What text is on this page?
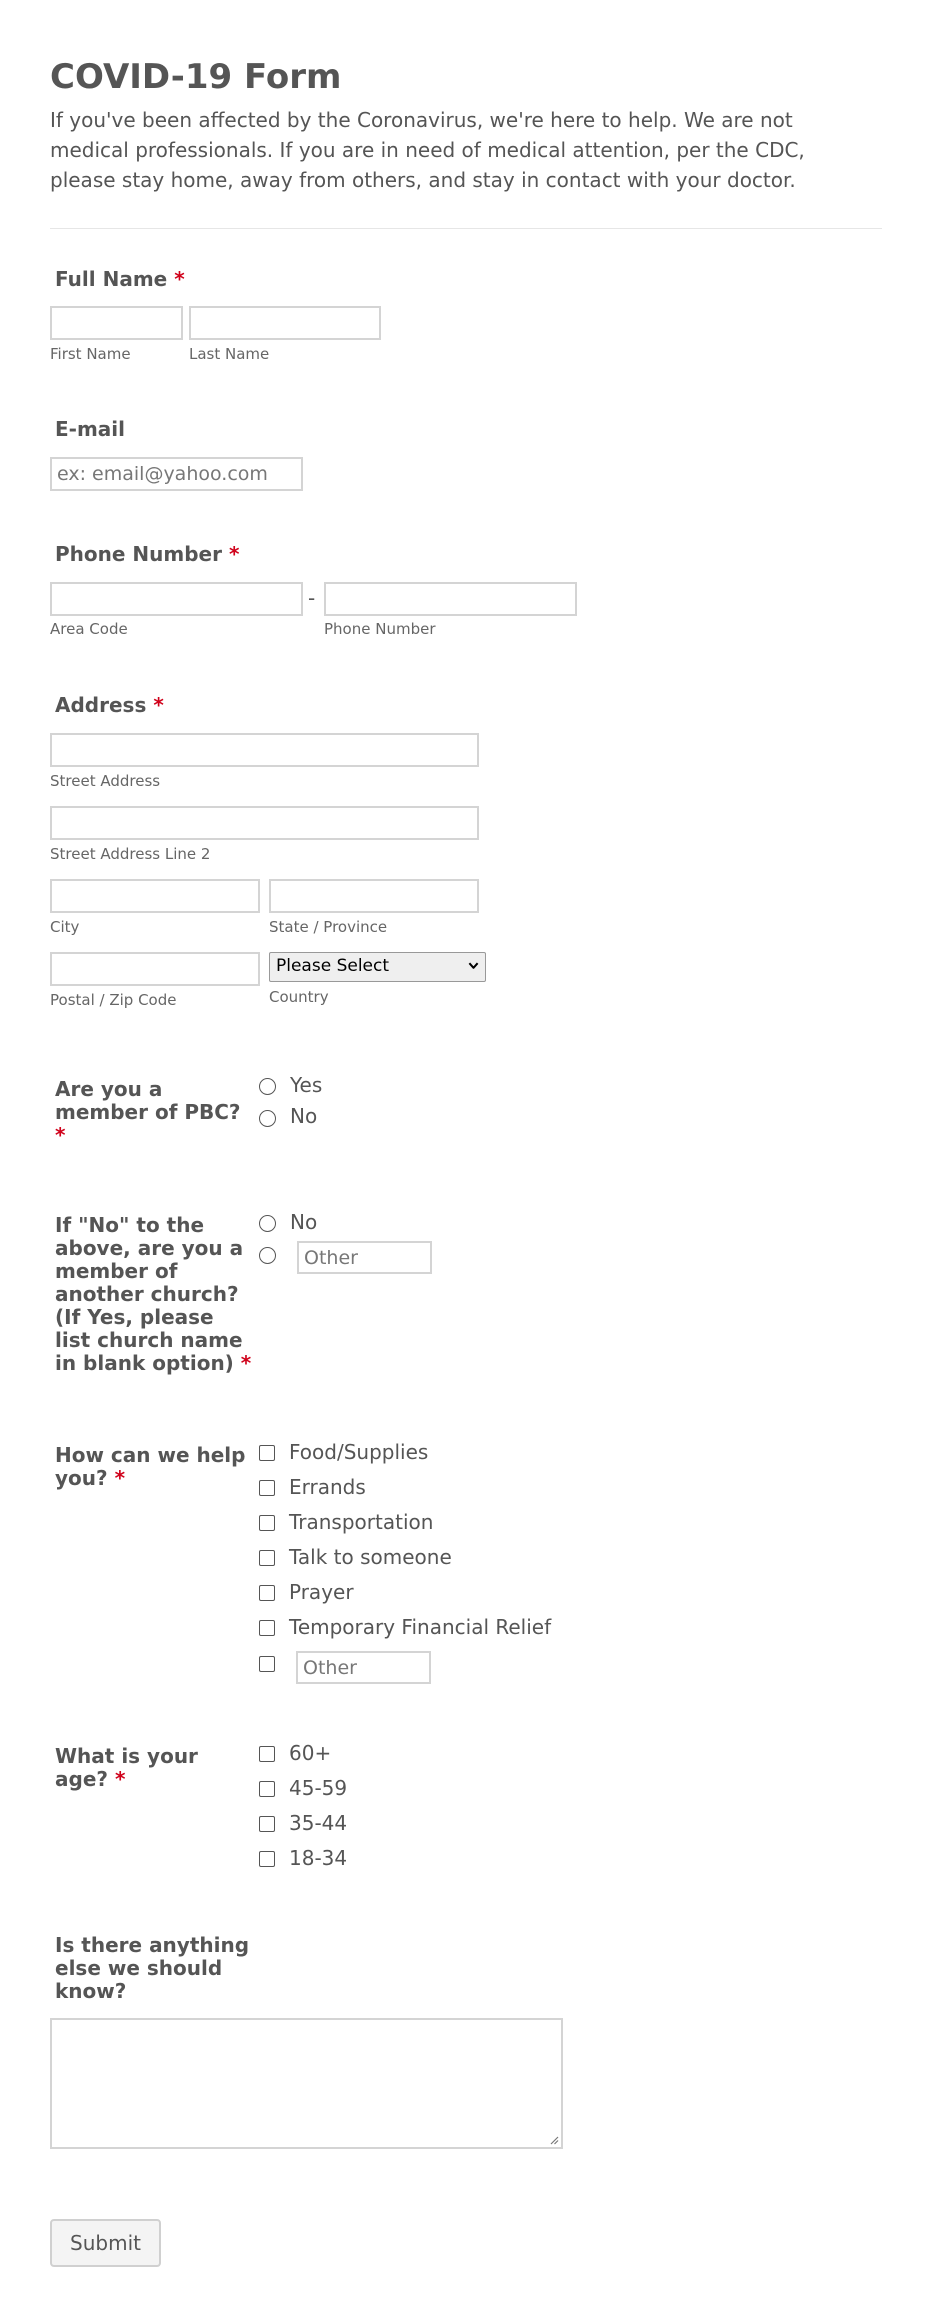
COVID-19 Form

If you've been affected by the Coronavirus, we're here to help. We are not medical professionals. If you are in need of medical attention, per the CDC, please stay home, away from others, and stay in contact with your doctor.

Full Name *
First Name	Last Name
E-mail
ex: email@yahoo.com
Phone Number *
-
Area Code	Phone Number
Address *
Street Address
Street Address Line 2
City	State / Province
Please Select
Postal / Zip Code	Country
Are you a member of PBC? *
Yes
No
If "No" to the above, are you a member of another church? (If Yes, please list church name in blank option) *
No
Other
How can we help you? *
Food/Supplies
Errands
Transportation
Talk to someone
Prayer
Temporary Financial Relief
Other
What is your age? *
60+
45-59
35-44
18-34
Is there anything else we should know?
Submit
